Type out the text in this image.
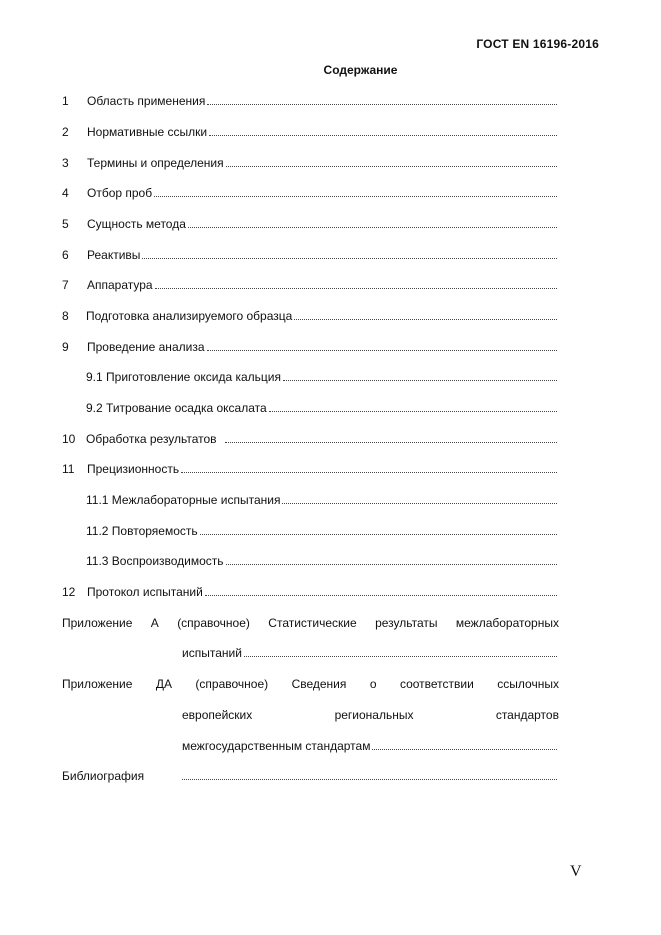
ГОСТ EN 16196-2016
Содержание
1	Область применения
2	Нормативные ссылки
3	Термины и определения
4	Отбор проб
5	Сущность метода
6	Реактивы
7	Аппаратура
8	Подготовка анализируемого образца
9	Проведение анализа
9.1 Приготовление оксида кальция
9.2 Титрование осадка оксалата
10 Обработка результатов
11	Прецизионность
11.1 Межлабораторные испытания
11.2 Повторяемость
11.3 Воспроизводимость
12 Протокол испытаний
Приложение А (справочное) Статистические результаты межлабораторных
испытаний
Приложение ДА (справочное) Сведения о соответствии ссылочных
европейских	региональных	стандартов
межгосударственным стандартам
Библиография
V
